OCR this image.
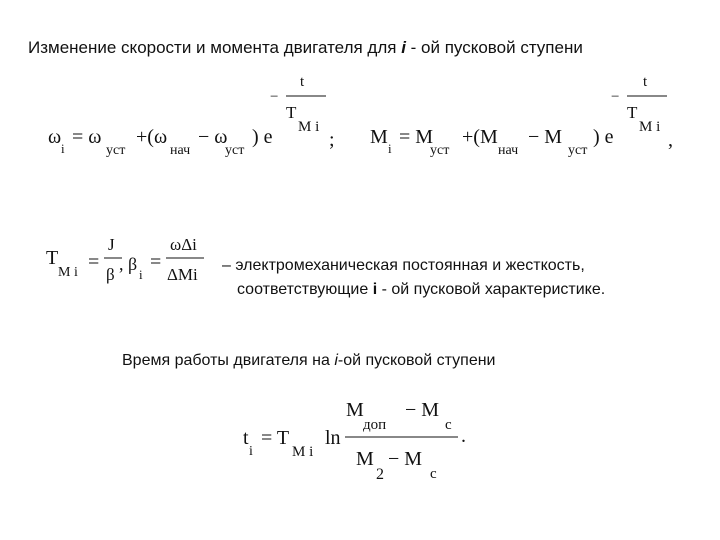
Изменение скорости и момента двигателя для i - ой пусковой ступени
ω
i
= ω
уст
+(ω
нач
− ω
уст
) e
−
t
T
M i
; M
i
= M
уст
+(M
нач
− M
уст
) e
−
t
T
M i
,
T
M i =
J
β
, β
i
=
ωΔi
ΔMi
t
i
= T
M i
ln
M
доп
− M
c
M
2
− M
c
.
– электромеханическая постоянная и жесткость,
соответствующие i - ой пусковой характеристике.
Время работы двигателя на i-ой пусковой ступени
